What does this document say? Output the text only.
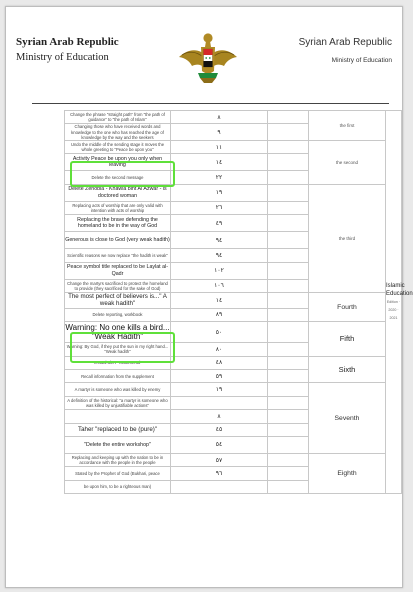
Syrian Arab Republic
Ministry of Education
Syrian Arab Republic
Ministry of Education
Change the phrase "straight path" from "the path of guidance" to "the path of Islam"	٨		the first	Islamic Education
Edition · 2020 · 2021

Changing those who have received words and knowledge to the one who has reached the age of knowledge by the way and the seekers	٩			
Undo the middle of the sending stage it moves the whole greeting to "Peace be upon you"	١١		the second	
Activity Peace be upon you only when leaving	١٤			
Delete the second message	٢٢			
Delete Zenobia - Khawla bint Al Azwar - is doctored woman	١٩		the third	
Replacing acts of worship that are only valid with intention with acts of worship	٢٦			
Replacing the brave defending the homeland to be in the way of God	٤٩			
Generous is close to God (very weak hadith)	٩٤			
Scientific reasons we now replace "the hadith is weak"	٩٤			
Peace symbol title replaced to be Laylat al-Qadr	١٠٢			
Change the martyrs sacrificed to protect the homeland to provide (they sacrificed for the sake of God)	١٠٦			
The most perfect of believers is..." A weak hadith"	١٤		Fourth	
Delete reporting, workbook	٨٩			
Warning: No one kills a bird... "Weak Hadith"	٥٠		Fifth	
Warning: By God, if they put the sun in my right hand... "Weak hadith"	٨٠			
Textual alert "Tastamerad"	٤٨		Sixth	
Recall information from the supplement	٥٩			
A martyr is someone who was killed by enemy	١٩		Seventh	
A definition of the historical: "a martyr is someone who was killed by unjustifiable actions"				
	٨			
Taher "replaced to be (pure)"	٤٥			
"Delete the entire workshop"	٥٤			
Replacing and keeping up with the nation to be in accordance with the people in the people	٥٧		Eighth	
Stated by the Prophet of God (Bukhari, peace	٩٦			
be upon him, to be a righteous man)				
